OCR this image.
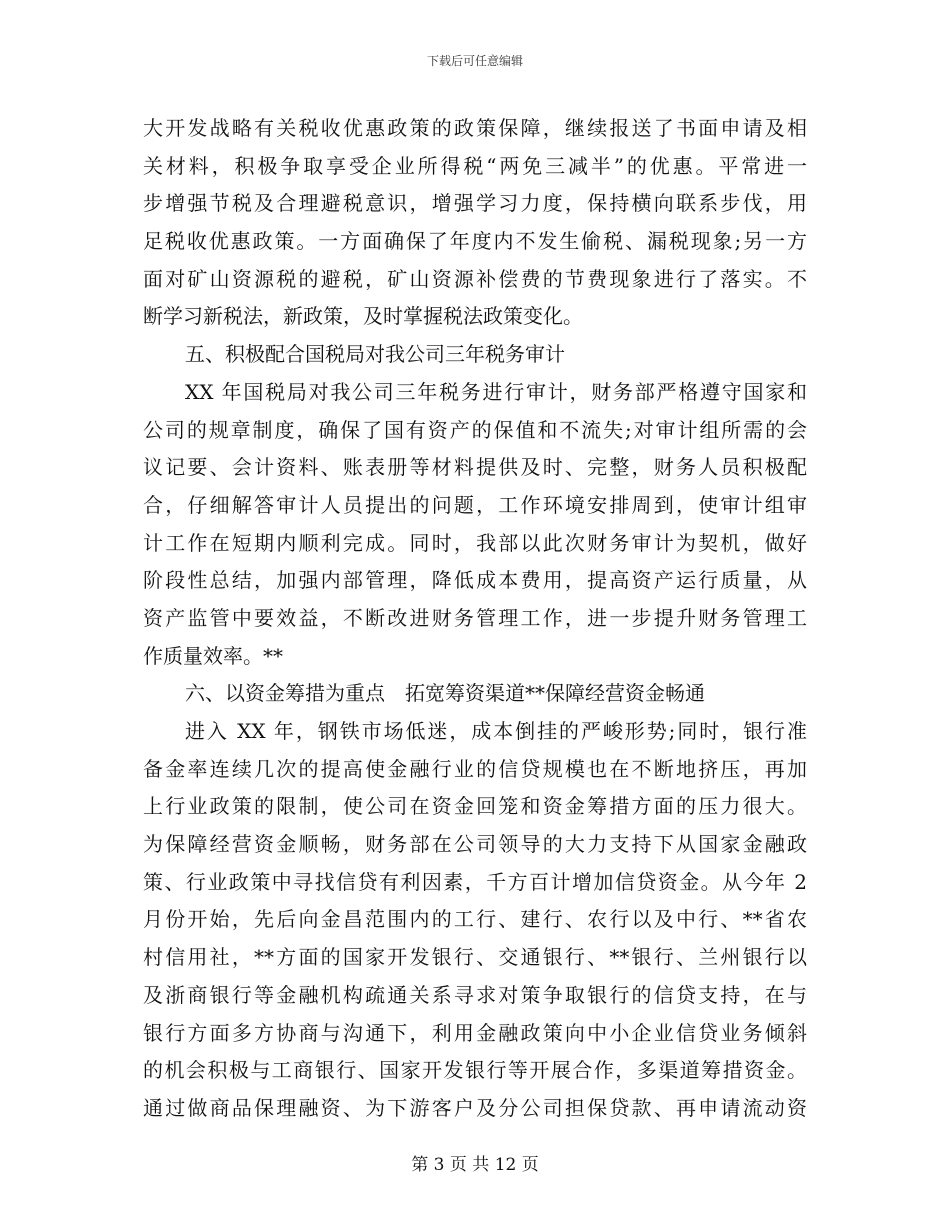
下载后可任意编辑
大开发战略有关税收优惠政策的政策保障，继续报送了书面申请及相
关材料，积极争取享受企业所得税“两免三减半”的优惠。平常进一
步增强节税及合理避税意识，增强学习力度，保持横向联系步伐，用
足税收优惠政策。一方面确保了年度内不发生偷税、漏税现象;另一方
面对矿山资源税的避税，矿山资源补偿费的节费现象进行了落实。不
断学习新税法，新政策，及时掌握税法政策变化。
五、积极配合国税局对我公司三年税务审计
XX 年国税局对我公司三年税务进行审计，财务部严格遵守国家和
公司的规章制度，确保了国有资产的保值和不流失;对审计组所需的会
议记要、会计资料、账表册等材料提供及时、完整，财务人员积极配
合，仔细解答审计人员提出的问题，工作环境安排周到，使审计组审
计工作在短期内顺利完成。同时，我部以此次财务审计为契机，做好
阶段性总结，加强内部管理，降低成本费用，提高资产运行质量，从
资产监管中要效益，不断改进财务管理工作，进一步提升财务管理工
作质量效率。**
六、以资金筹措为重点　拓宽筹资渠道**保障经营资金畅通
进入 XX 年，钢铁市场低迷，成本倒挂的严峻形势;同时，银行准
备金率连续几次的提高使金融行业的信贷规模也在不断地挤压，再加
上行业政策的限制，使公司在资金回笼和资金筹措方面的压力很大。
为保障经营资金顺畅，财务部在公司领导的大力支持下从国家金融政
策、行业政策中寻找信贷有利因素，千方百计增加信贷资金。从今年 2
月份开始，先后向金昌范围内的工行、建行、农行以及中行、**省农
村信用社，**方面的国家开发银行、交通银行、**银行、兰州银行以
及浙商银行等金融机构疏通关系寻求对策争取银行的信贷支持，在与
银行方面多方协商与沟通下，利用金融政策向中小企业信贷业务倾斜
的机会积极与工商银行、国家开发银行等开展合作，多渠道筹措资金。
通过做商品保理融资、为下游客户及分公司担保贷款、再申请流动资
第 3 页 共 12 页
